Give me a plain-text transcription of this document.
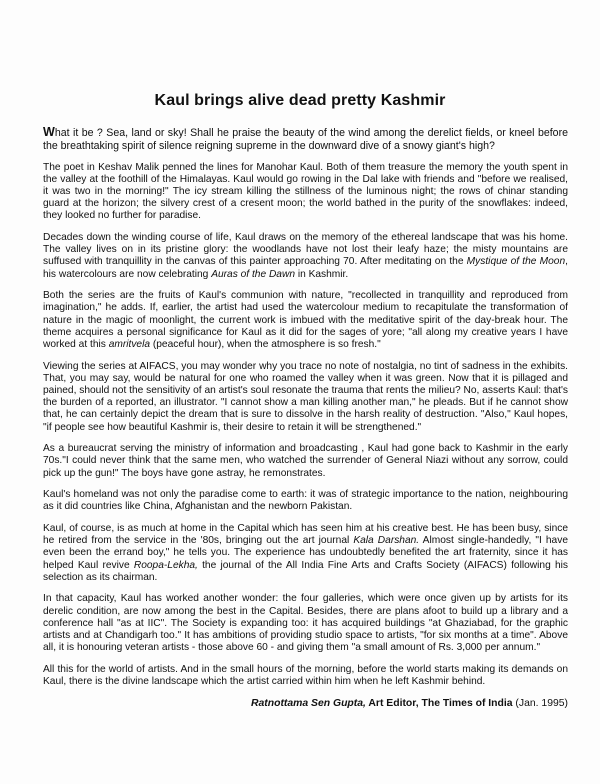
Kaul brings alive dead pretty Kashmir

What it be ? Sea, land or sky! Shall he praise the beauty of the wind among the derelict fields, or kneel before the breathtaking spirit of silence reigning supreme in the downward dive of a snowy giant's high?

The poet in Keshav Malik penned the lines for Manohar Kaul. Both of them treasure the memory the youth spent in the valley at the foothill of the Himalayas. Kaul would go rowing in the Dal lake with friends and "before we realised, it was two in the morning!" The icy stream killing the stillness of the luminous night; the rows of chinar standing guard at the horizon; the silvery crest of a cresent moon; the world bathed in the purity of the snowflakes: indeed, they looked no further for paradise.

Decades down the winding course of life, Kaul draws on the memory of the ethereal landscape that was his home. The valley lives on in its pristine glory: the woodlands have not lost their leafy haze; the misty mountains are suffused with tranquillity in the canvas of this painter approaching 70. After meditating on the Mystique of the Moon, his watercolours are now celebrating Auras of the Dawn in Kashmir.

Both the series are the fruits of Kaul's communion with nature, "recollected in tranquillity and reproduced from imagination," he adds. If, earlier, the artist had used the watercolour medium to recapitulate the transformation of nature in the magic of moonlight, the current work is imbued with the meditative spirit of the day-break hour. The theme acquires a personal significance for Kaul as it did for the sages of yore; "all along my creative years I have worked at this amritvela (peaceful hour), when the atmosphere is so fresh."

Viewing the series at AIFACS, you may wonder why you trace no note of nostalgia, no tint of sadness in the exhibits. That, you may say, would be natural for one who roamed the valley when it was green. Now that it is pillaged and pained, should not the sensitivity of an artist's soul resonate the trauma that rents the milieu? No, asserts Kaul: that's the burden of a reported, an illustrator. "I cannot show a man killing another man," he pleads. But if he cannot show that, he can certainly depict the dream that is sure to dissolve in the harsh reality of destruction. "Also," Kaul hopes, "if people see how beautiful Kashmir is, their desire to retain it will be strengthened."

As a bureaucrat serving the ministry of information and broadcasting , Kaul had gone back to Kashmir in the early 70s."I could never think that the same men, who watched the surrender of General Niazi without any sorrow, could pick up the gun!" The boys have gone astray, he remonstrates.

Kaul's homeland was not only the paradise come to earth: it was of strategic importance to the nation, neighbouring as it did countries like China, Afghanistan and the newborn Pakistan.

Kaul, of course, is as much at home in the Capital which has seen him at his creative best. He has been busy, since he retired from the service in the '80s, bringing out the art journal Kala Darshan. Almost single-handedly, "I have even been the errand boy," he tells you. The experience has undoubtedly benefited the art fraternity, since it has helped Kaul revive Roopa-Lekha, the journal of the All India Fine Arts and Crafts Society (AIFACS) following his selection as its chairman.

In that capacity, Kaul has worked another wonder: the four galleries, which were once given up by artists for its derelic condition, are now among the best in the Capital. Besides, there are plans afoot to build up a library and a conference hall "as at IIC". The Society is expanding too: it has acquired buildings "at Ghaziabad, for the graphic artists and at Chandigarh too." It has ambitions of providing studio space to artists, "for six months at a time". Above all, it is honouring veteran artists - those above 60 - and giving them "a small amount of Rs. 3,000 per annum."

All this for the world of artists. And in the small hours of the morning, before the world starts making its demands on Kaul, there is the divine landscape which the artist carried within him when he left Kashmir behind.

Ratnottama Sen Gupta, Art Editor, The Times of India (Jan. 1995)
